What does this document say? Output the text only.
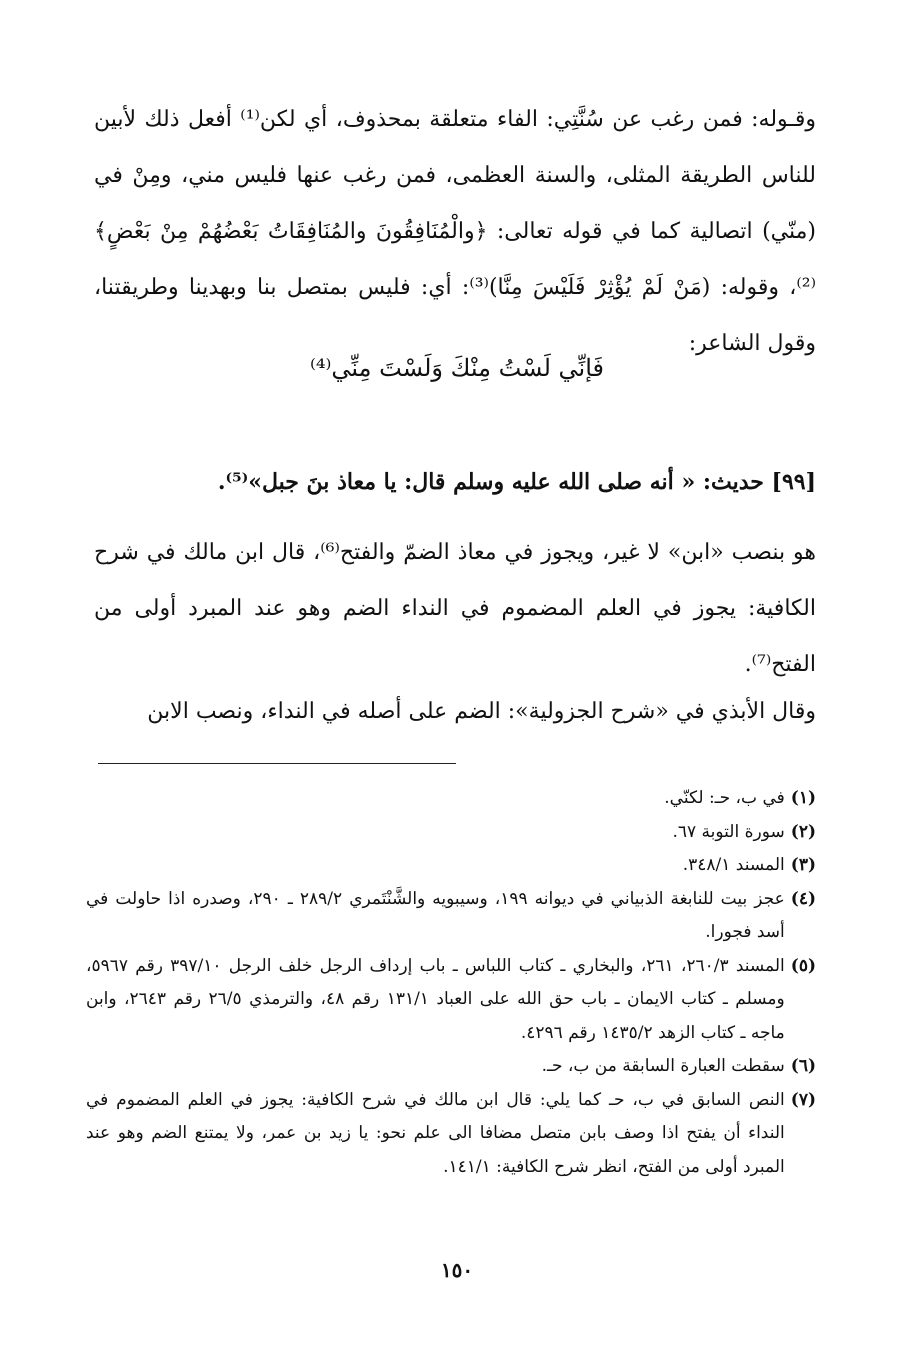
وقـوله: فمن رغب عن سُنَّتِي: الفاء متعلقة بمحذوف، أي لكن⁽¹⁾ أفعل ذلك لأبين للناس الطريقة المثلى، والسنة العظمى، فمن رغب عنها فليس مني، ومِنْ في (منّي) اتصالية كما في قوله تعالى: ﴿والْمُنَافِقُونَ والمُنَافِقَاتُ بَعْضُهُمْ مِنْ بَعْضٍ﴾⁽²⁾، وقوله: (مَنْ لَمْ يُؤْثِرْ فَلَيْسَ مِنَّا)⁽³⁾: أي: فليس بمتصل بنا وبهدينا وطريقتنا، وقول الشاعر:

فَإنِّي لَسْتُ مِنْكَ وَلَسْتَ مِنِّي⁽⁴⁾
[٩٩] حديث: « أنه صلى الله عليه وسلم قال: يا معاذ بنَ جبل»⁽⁵⁾.

هو بنصب «ابن» لا غير، ويجوز في معاذ الضمّ والفتح⁽⁶⁾، قال ابن مالك في شرح الكافية: يجوز في العلم المضموم في النداء الضم وهو عند المبرد أولى من الفتح⁽⁷⁾.

وقال الأبذي في «شرح الجزولية»: الضم على أصله في النداء، ونصب الابن

(١)
في ب، حـ: لكنّي.
(٢)
سورة التوبة ٦٧.
(٣)
المسند ٣٤٨/١.
(٤)
عجز بيت للنابغة الذبياني في ديوانه ١٩٩، وسيبويه والشَّنْتَمري ٢٨٩/٢ ـ ٢٩٠، وصدره اذا حاولت في أسد فجورا.
(٥)
المسند ٢٦٠/٣، ٢٦١، والبخاري ـ كتاب اللباس ـ باب إرداف الرجل خلف الرجل ٣٩٧/١٠ رقم ٥٩٦٧، ومسلم ـ كتاب الايمان ـ باب حق الله على العباد ١٣١/١ رقم ٤٨، والترمذي ٢٦/٥ رقم ٢٦٤٣، وابن ماجه ـ كتاب الزهد ١٤٣٥/٢ رقم ٤٢٩٦.
(٦)
سقطت العبارة السابقة من ب، حـ.
(٧)
النص السابق في ب، حـ كما يلي: قال ابن مالك في شرح الكافية: يجوز في العلم المضموم في النداء أن يفتح اذا وصف بابن متصل مضافا الى علم نحو: يا زيد بن عمر، ولا يمتنع الضم وهو عند المبرد أولى من الفتح، انظر شرح الكافية: ١٤١/١.
١٥٠
